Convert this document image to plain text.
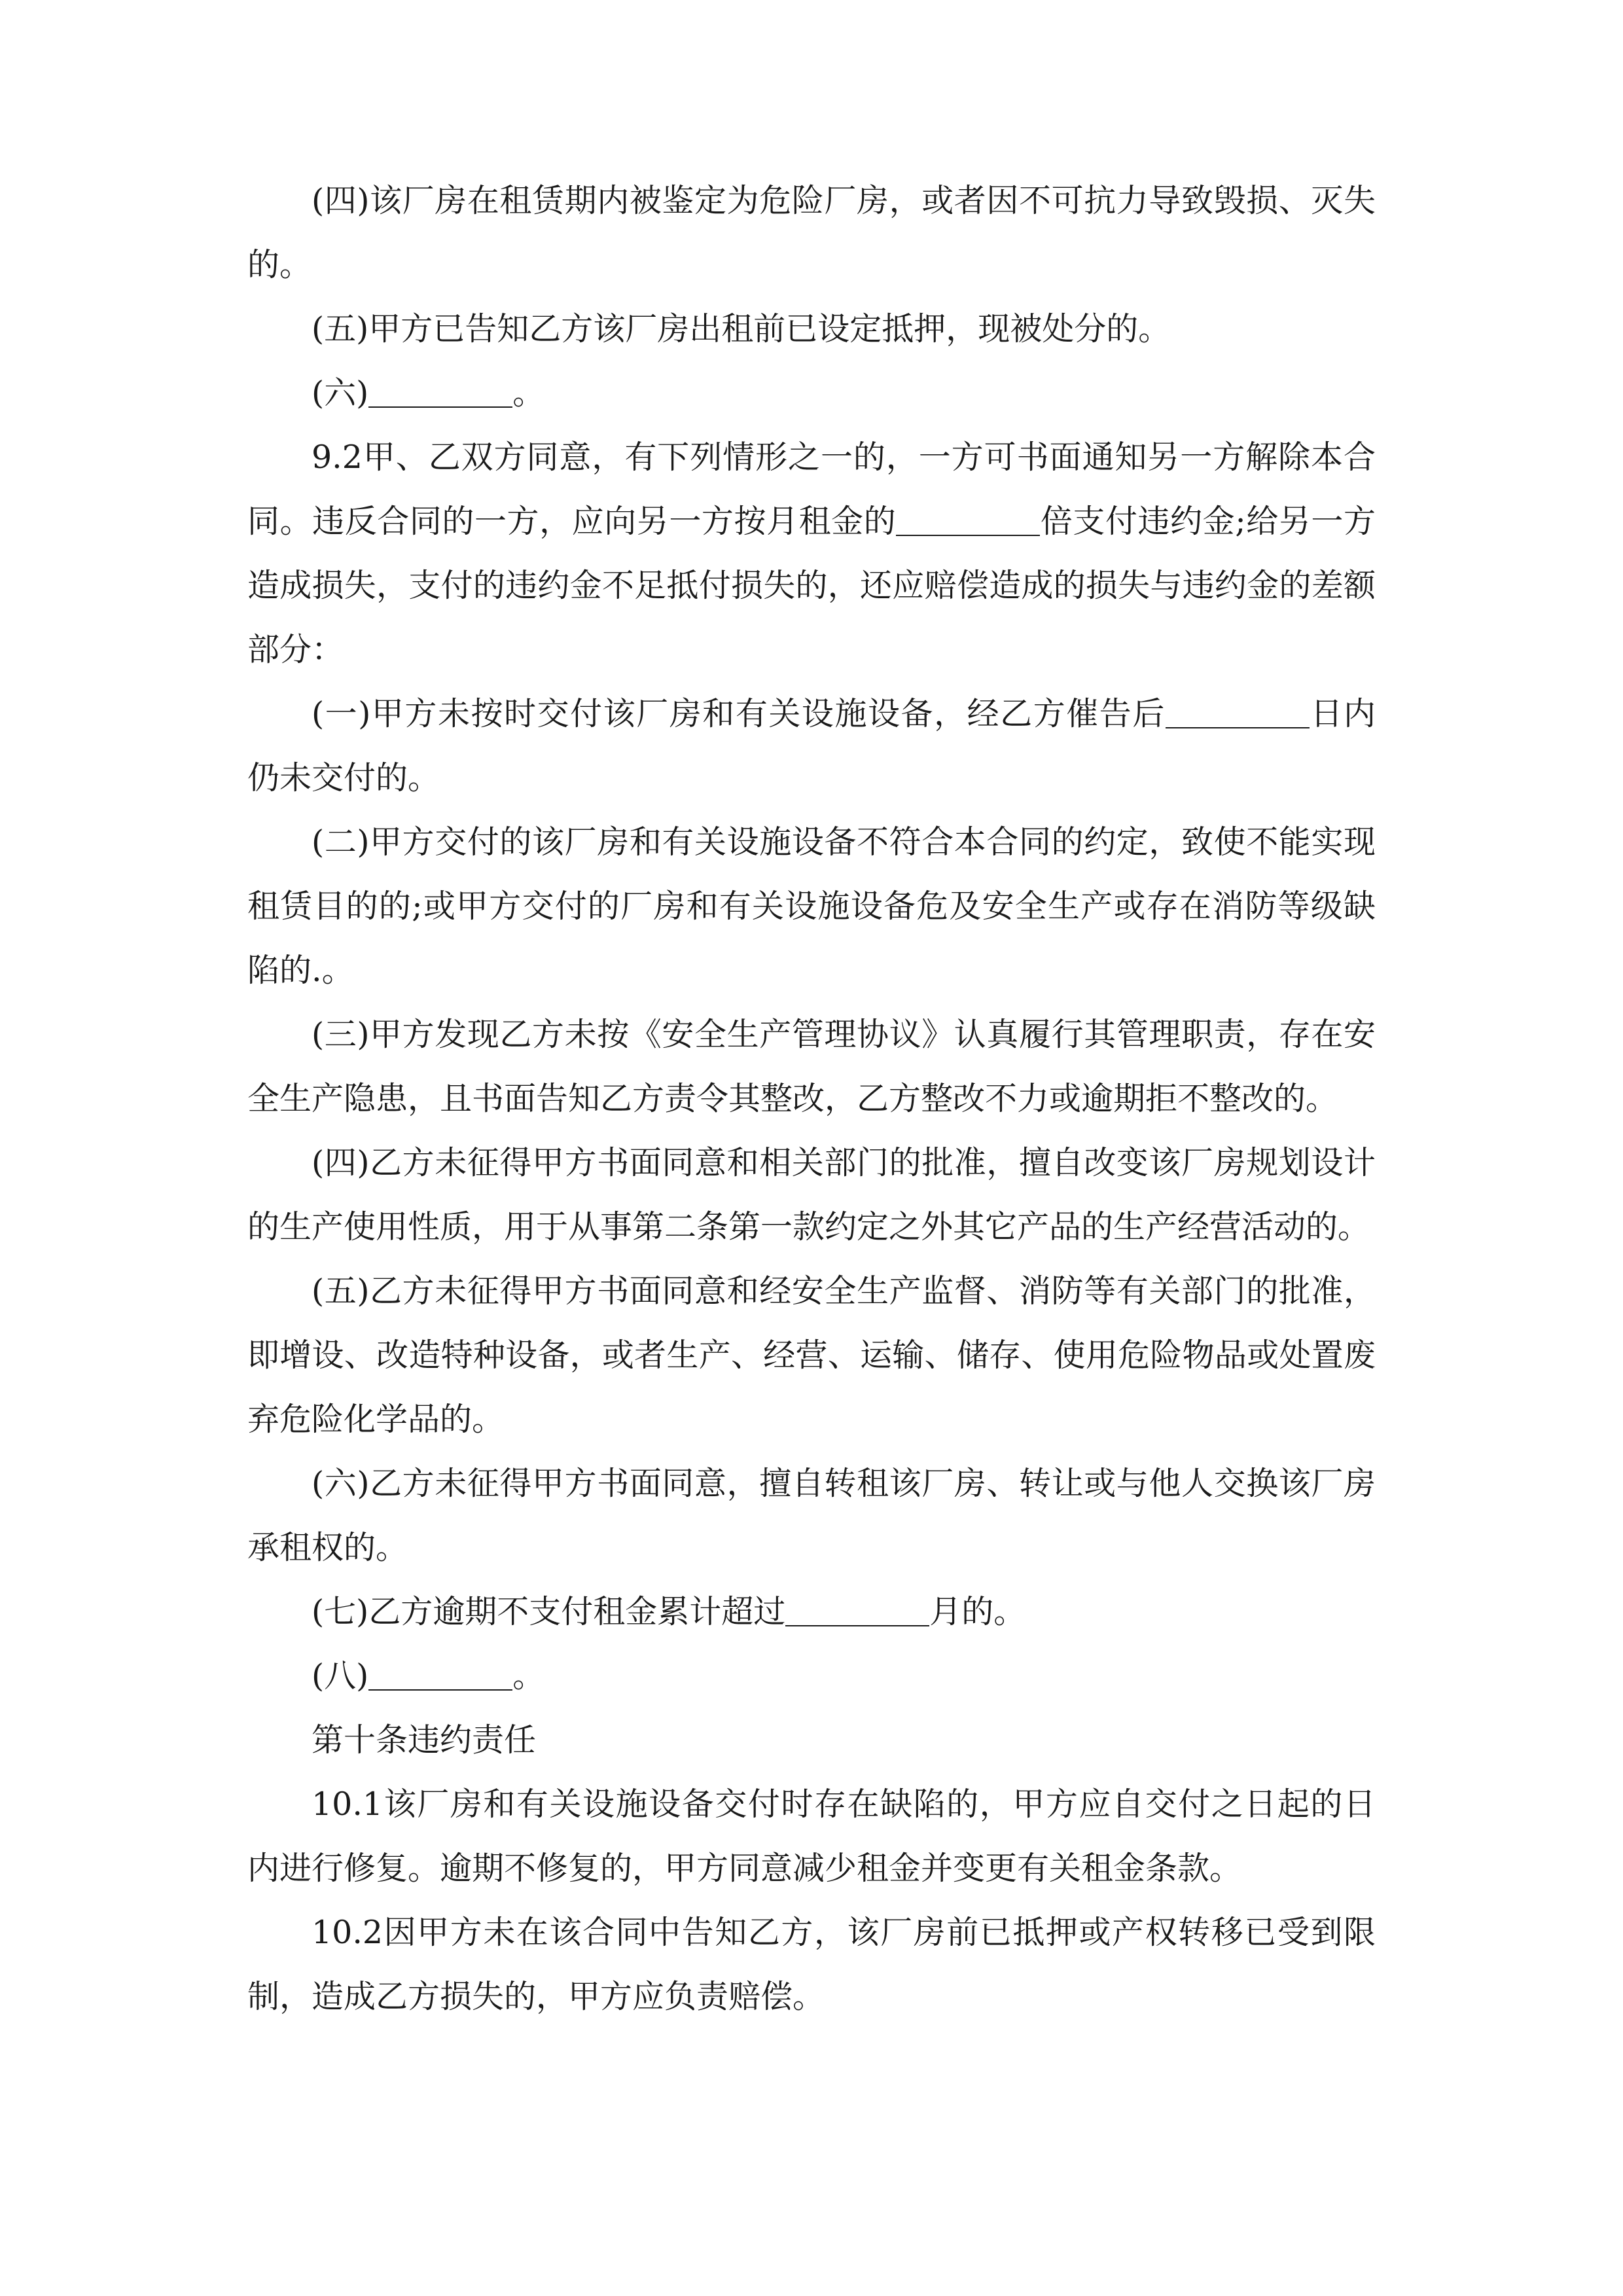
(四)该厂房在租赁期内被鉴定为危险厂房，或者因不可抗力导致毁损、灭失的。

(五)甲方已告知乙方该厂房出租前已设定抵押，现被处分的。

(六)	。

9.2甲、乙双方同意，有下列情形之一的，一方可书面通知另一方解除本合同。违反合同的一方，应向另一方按月租金的	倍支付违约金;给另一方造成损失，支付的违约金不足抵付损失的，还应赔偿造成的损失与违约金的差额部分：

(一)甲方未按时交付该厂房和有关设施设备，经乙方催告后	日内仍未交付的。

(二)甲方交付的该厂房和有关设施设备不符合本合同的约定，致使不能实现租赁目的的;或甲方交付的厂房和有关设施设备危及安全生产或存在消防等级缺陷的.。

(三)甲方发现乙方未按《安全生产管理协议》认真履行其管理职责，存在安全生产隐患，且书面告知乙方责令其整改，乙方整改不力或逾期拒不整改的。

(四)乙方未征得甲方书面同意和相关部门的批准，擅自改变该厂房规划设计的生产使用性质，用于从事第二条第一款约定之外其它产品的生产经营活动的。

(五)乙方未征得甲方书面同意和经安全生产监督、消防等有关部门的批准，即增设、改造特种设备，或者生产、经营、运输、储存、使用危险物品或处置废弃危险化学品的。

(六)乙方未征得甲方书面同意，擅自转租该厂房、转让或与他人交换该厂房承租权的。

(七)乙方逾期不支付租金累计超过	月的。

(八)	。

第十条违约责任

10.1该厂房和有关设施设备交付时存在缺陷的，甲方应自交付之日起的日内进行修复。逾期不修复的，甲方同意减少租金并变更有关租金条款。

10.2因甲方未在该合同中告知乙方，该厂房前已抵押或产权转移已受到限制，造成乙方损失的，甲方应负责赔偿。
